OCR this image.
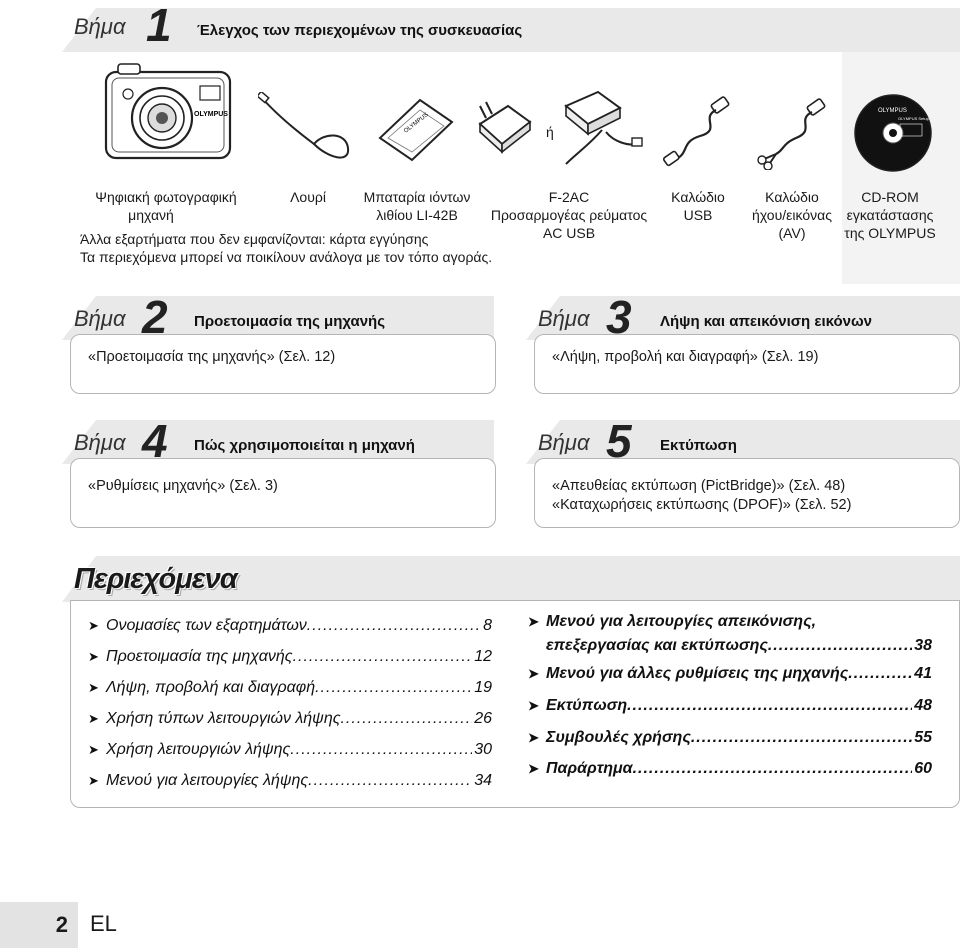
Βήμα 1 Έλεγχος των περιεχομένων της συσκευασίας
OLYMPUS	OLYMPUS	ή
OLYMPUS
OLYMPUS Setup
Ψηφιακή φωτογραφική
μηχανή
Λουρί	Μπαταρία ιόντων
λιθίου LI-42B
F-2AC
Προσαρμογέας ρεύματος
AC USB
Καλώδιο
USB
Καλώδιο
ήχου/εικόνας
(AV)
CD-ROM
εγκατάστασης
της OLYMPUS
Άλλα εξαρτήματα που δεν εμφανίζονται: κάρτα εγγύησης
Τα περιεχόμενα μπορεί να ποικίλουν ανάλογα με τον τόπο αγοράς.
Βήμα 2 Προετοιμασία της μηχανής
«Προετοιμασία της μηχανής» (Σελ. 12)
Βήμα 3 Λήψη και απεικόνιση εικόνων
«Λήψη, προβολή και διαγραφή» (Σελ. 19)
Βήμα 4 Πώς χρησιμοποιείται η μηχανή
«Ρυθμίσεις μηχανής» (Σελ. 3)
Βήμα 5 Εκτύπωση
«Απευθείας εκτύπωση (PictBridge)» (Σελ. 48)
«Καταχωρήσεις εκτύπωσης (DPOF)» (Σελ. 52)
Περιεχόμενα
➤ Ονομασίες των εξαρτημάτων .....	8
➤ Προετοιμασία της μηχανής .....	12
➤ Λήψη, προβολή και διαγραφή .....	19
➤ Χρήση τύπων λειτουργιών λήψης .....	26
➤ Χρήση λειτουργιών λήψης .....	30
➤ Μενού για λειτουργίες λήψης .....	34
➤ Μενού για λειτουργίες απεικόνισης,
επεξεργασίας και εκτύπωσης .....	38
➤ Μενού για άλλες ρυθμίσεις της μηχανής .....	41
➤ Εκτύπωση .....	48
➤ Συμβουλές χρήσης .....	55
➤ Παράρτημα .....	60
2 EL
